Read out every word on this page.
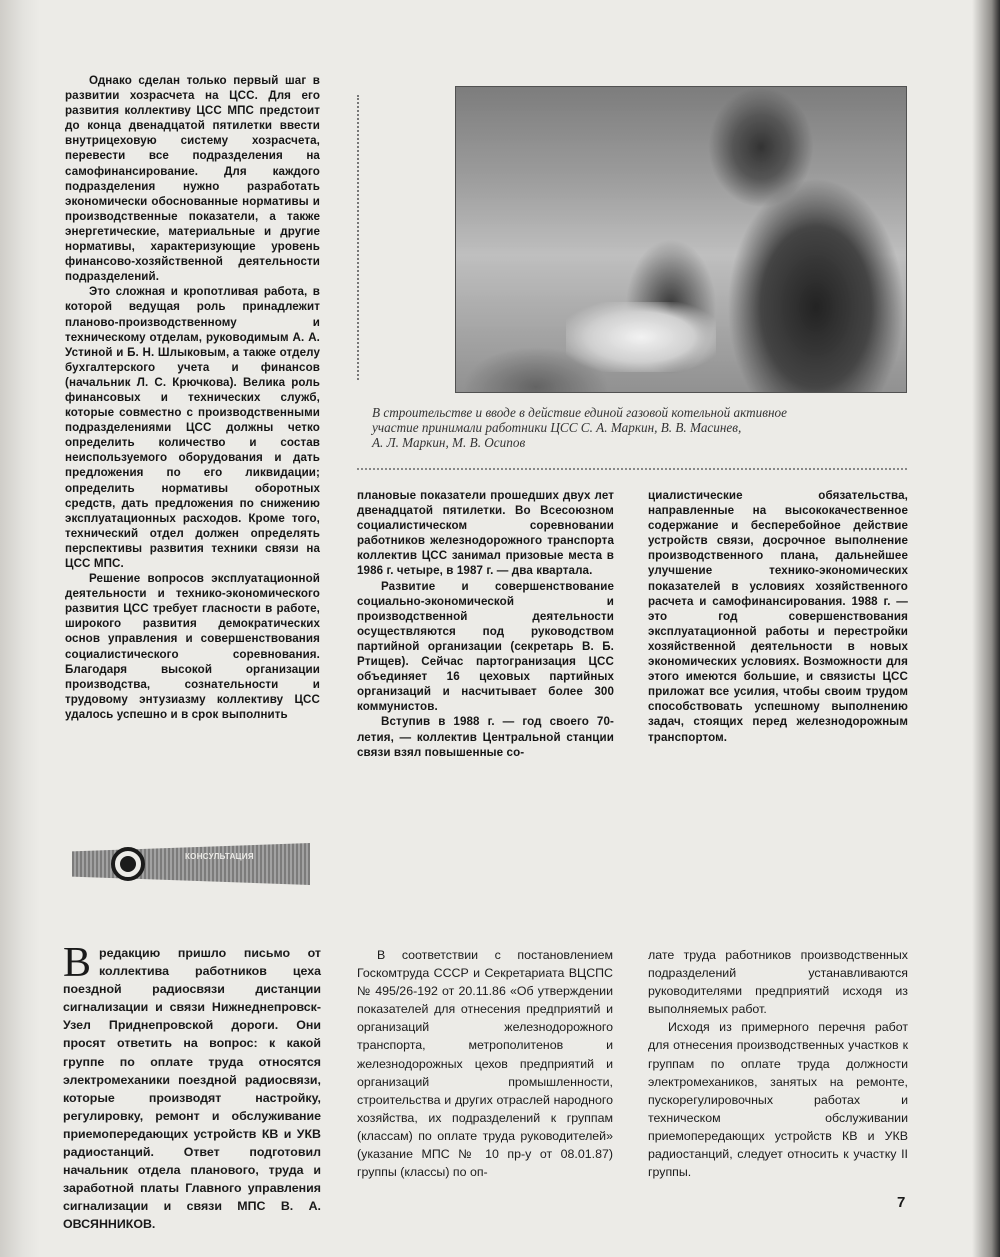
Однако сделан только первый шаг в развитии хозрасчета на ЦСС. Для его развития коллективу ЦСС МПС предстоит до конца двенадцатой пятилетки ввести внутрицеховую систему хозрасчета, перевести все подразделения на самофинансирование. Для каждого подразделения нужно разработать экономически обоснованные нормативы и производственные показатели, а также энергетические, материальные и другие нормативы, характеризующие уровень финансово-хозяйственной деятельности подразделений.

Это сложная и кропотливая работа, в которой ведущая роль принадлежит планово-производственному и техническому отделам, руководимым А. А. Устиной и Б. Н. Шлыковым, а также отделу бухгалтерского учета и финансов (начальник Л. С. Крючкова). Велика роль финансовых и технических служб, которые совместно с производственными подразделениями ЦСС должны четко определить количество и состав неиспользуемого оборудования и дать предложения по его ликвидации; определить нормативы оборотных средств, дать предложения по снижению эксплуатационных расходов. Кроме того, технический отдел должен определять перспективы развития техники связи на ЦСС МПС.

Решение вопросов эксплуатационной деятельности и технико-экономического развития ЦСС требует гласности в работе, широкого развития демократических основ управления и совершенствования социалистического соревнования. Благодаря высокой организации производства, сознательности и трудовому энтузиазму коллективу ЦСС удалось успешно и в срок выполнить

В строительстве и вводе в действие единой газовой котельной активное
участие принимали работники ЦСС С. А. Маркин, В. В. Масинев,
А. Л. Маркин, М. В. Осипов

плановые показатели прошедших двух лет двенадцатой пятилетки. Во Всесоюзном социалистическом соревновании работников железнодорожного транспорта коллектив ЦСС занимал призовые места в 1986 г. четыре, в 1987 г. — два квартала.

Развитие и совершенствование социально-экономической и производственной деятельности осуществляются под руководством партийной организации (секретарь В. Б. Ртищев). Сейчас партогранизация ЦСС объединяет 16 цеховых партийных организаций и насчитывает более 300 коммунистов.

Вступив в 1988 г. — год своего 70-летия, — коллектив Центральной станции связи взял повышенные со-

циалистические обязательства, направленные на высококачественное содержание и бесперебойное действие устройств связи, досрочное выполнение производственного плана, дальнейшее улучшение технико-экономических показателей в условиях хозяйственного расчета и самофинансирования. 1988 г. — это год совершенствования эксплуатационной работы и перестройки хозяйственной деятельности в новых экономических условиях. Возможности для этого имеются большие, и связисты ЦСС приложат все усилия, чтобы своим трудом способствовать успешному выполнению задач, стоящих перед железнодорожным транспортом.

КОНСУЛЬТАЦИЯ
В редакцию пришло письмо от коллектива работников цеха поездной радиосвязи дистанции сигнализации и связи Нижнеднепровск-Узел Приднепровской дороги. Они просят ответить на вопрос: к какой группе по оплате труда относятся электромеханики поездной радиосвязи, которые производят настройку, регулировку, ремонт и обслуживание приемопередающих устройств КВ и УКВ радиостанций. Ответ подготовил начальник отдела планового, труда и заработной платы Главного управления сигнализации и связи МПС В. А. ОВСЯННИКОВ.

В соответствии с постановлением Госкомтруда СССР и Секретариата ВЦСПС № 495/26-192 от 20.11.86 «Об утверждении показателей для отнесения предприятий и организаций железнодорожного транспорта, метрополитенов и железнодорожных цехов предприятий и организаций промышленности, строительства и других отраслей народного хозяйства, их подразделений к группам (классам) по оплате труда руководителей» (указание МПС № 10 пр-у от 08.01.87) группы (классы) по оп-

лате труда работников производственных подразделений устанавливаются руководителями предприятий исходя из выполняемых работ.

Исходя из примерного перечня работ для отнесения производственных участков к группам по оплате труда должности электромехаников, занятых на ремонте, пускорегулировочных работах и техническом обслуживании приемопередающих устройств КВ и УКВ радиостанций, следует относить к участку II группы.

7
